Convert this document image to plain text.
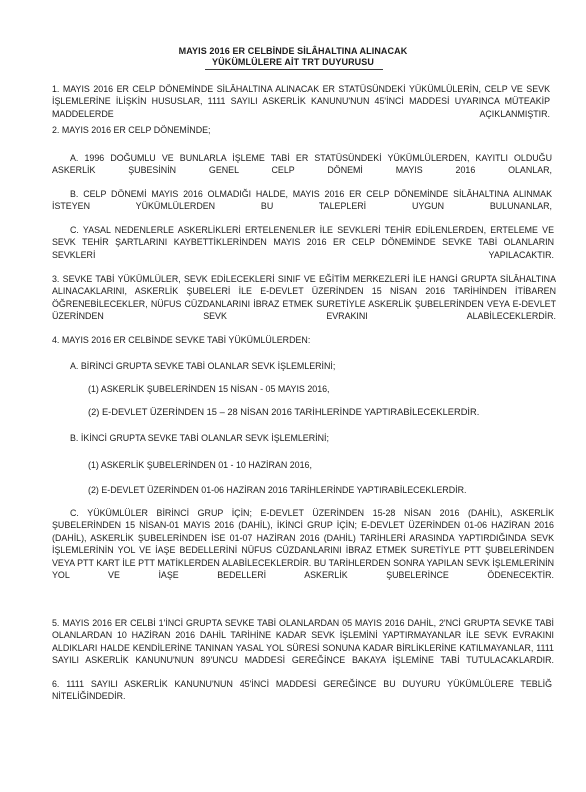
MAYIS 2016 ER CELBİNDE SİLÂHALTINA ALINACAK
YÜKÜMLÜLERE AİT TRT DUYURUSU

1. MAYIS 2016 ER CELP DÖNEMİNDE SİLÂHALTINA ALINACAK ER STATÜSÜNDEKİ YÜKÜMLÜLERİN, CELP VE SEVK İŞLEMLERİNE İLİŞKİN HUSUSLAR, 1111 SAYILI ASKERLİK KANUNU'NUN 45'İNCİ MADDESİ UYARINCA MÜTEAKİP MADDELERDE AÇIKLANMIŞTIR.

2. MAYIS 2016 ER CELP DÖNEMİNDE;

A. 1996 DOĞUMLU VE BUNLARLA İŞLEME TABİ ER STATÜSÜNDEKİ YÜKÜMLÜLERDEN, KAYITLI OLDUĞU ASKERLİK ŞUBESİNİN GENEL CELP DÖNEMİ MAYIS 2016 OLANLAR,

B. CELP DÖNEMİ MAYIS 2016 OLMADIĞI HALDE, MAYIS 2016 ER CELP DÖNEMİNDE SİLÂHALTINA ALINMAK İSTEYEN YÜKÜMLÜLERDEN BU TALEPLERİ UYGUN BULUNANLAR,

C. YASAL NEDENLERLE ASKERLİKLERİ ERTELENENLER İLE SEVKLERİ TEHİR EDİLENLERDEN, ERTELEME VE SEVK TEHİR ŞARTLARINI KAYBETTİKLERİNDEN MAYIS 2016 ER CELP DÖNEMİNDE SEVKE TABİ OLANLARIN SEVKLERİ YAPILACAKTIR.

3. SEVKE TABİ YÜKÜMLÜLER, SEVK EDİLECEKLERİ SINIF VE EĞİTİM MERKEZLERİ İLE HANGİ GRUPTA SİLÂHALTINA ALINACAKLARINI, ASKERLİK ŞUBELERİ İLE E-DEVLET ÜZERİNDEN 15 NİSAN 2016 TARİHİNDEN İTİBAREN ÖĞRENEBİLECEKLER, NÜFUS CÜZDANLARINI İBRAZ ETMEK SURETİYLE ASKERLİK ŞUBELERİNDEN VEYA E-DEVLET ÜZERİNDEN SEVK EVRAKINI ALABİLECEKLERDİR.

4. MAYIS 2016 ER CELBİNDE SEVKE TABİ YÜKÜMLÜLERDEN:

A. BİRİNCİ GRUPTA SEVKE TABİ OLANLAR SEVK İŞLEMLERİNİ;

(1) ASKERLİK ŞUBELERİNDEN 15 NİSAN - 05 MAYIS 2016,

(2) E-DEVLET ÜZERİNDEN 15 – 28 NİSAN 2016 TARİHLERİNDE YAPTIRABİLECEKLERDİR.

B. İKİNCİ GRUPTA SEVKE TABİ OLANLAR SEVK İŞLEMLERİNİ;

(1) ASKERLİK ŞUBELERİNDEN 01 - 10 HAZİRAN 2016,

(2) E-DEVLET ÜZERİNDEN 01-06 HAZİRAN 2016 TARİHLERİNDE YAPTIRABİLECEKLERDİR.

C. YÜKÜMLÜLER BİRİNCİ GRUP İÇİN; E-DEVLET ÜZERİNDEN 15-28 NİSAN 2016 (DAHİL), ASKERLİK ŞUBELERİNDEN 15 NİSAN-01 MAYIS 2016 (DAHİL), İKİNCİ GRUP İÇİN; E-DEVLET ÜZERİNDEN 01-06 HAZİRAN 2016 (DAHİL), ASKERLİK ŞUBELERİNDEN İSE 01-07 HAZİRAN 2016 (DAHİL) TARİHLERİ ARASINDA YAPTIRDIĞINDA SEVK İŞLEMLERİNİN YOL VE İAŞE BEDELLERİNİ NÜFUS CÜZDANLARINI İBRAZ ETMEK SURETİYLE PTT ŞUBELERİNDEN VEYA PTT KART İLE PTT MATİKLERDEN ALABİLECEKLERDİR. BU TARİHLERDEN SONRA YAPILAN SEVK İŞLEMLERİNİN YOL VE İAŞE BEDELLERİ ASKERLİK ŞUBELERİNCE ÖDENECEKTİR.

5. MAYIS 2016 ER CELBİ 1'İNCİ GRUPTA SEVKE TABİ OLANLARDAN 05 MAYIS 2016 DAHİL, 2'NCİ GRUPTA SEVKE TABİ OLANLARDAN 10 HAZİRAN 2016 DAHİL TARİHİNE KADAR SEVK İŞLEMİNİ YAPTIRMAYANLAR İLE SEVK EVRAKINI ALDIKLARI HALDE KENDİLERİNE TANINAN YASAL YOL SÜRESİ SONUNA KADAR BİRLİKLERİNE KATILMAYANLAR, 1111 SAYILI ASKERLİK KANUNU'NUN 89'UNCU MADDESİ GEREĞİNCE BAKAYA İŞLEMİNE TABİ TUTULACAKLARDIR.

6. 1111 SAYILI ASKERLİK KANUNU'NUN 45'İNCİ MADDESİ GEREĞİNCE BU DUYURU YÜKÜMLÜLERE TEBLİĞ NİTELİĞİNDEDİR.
